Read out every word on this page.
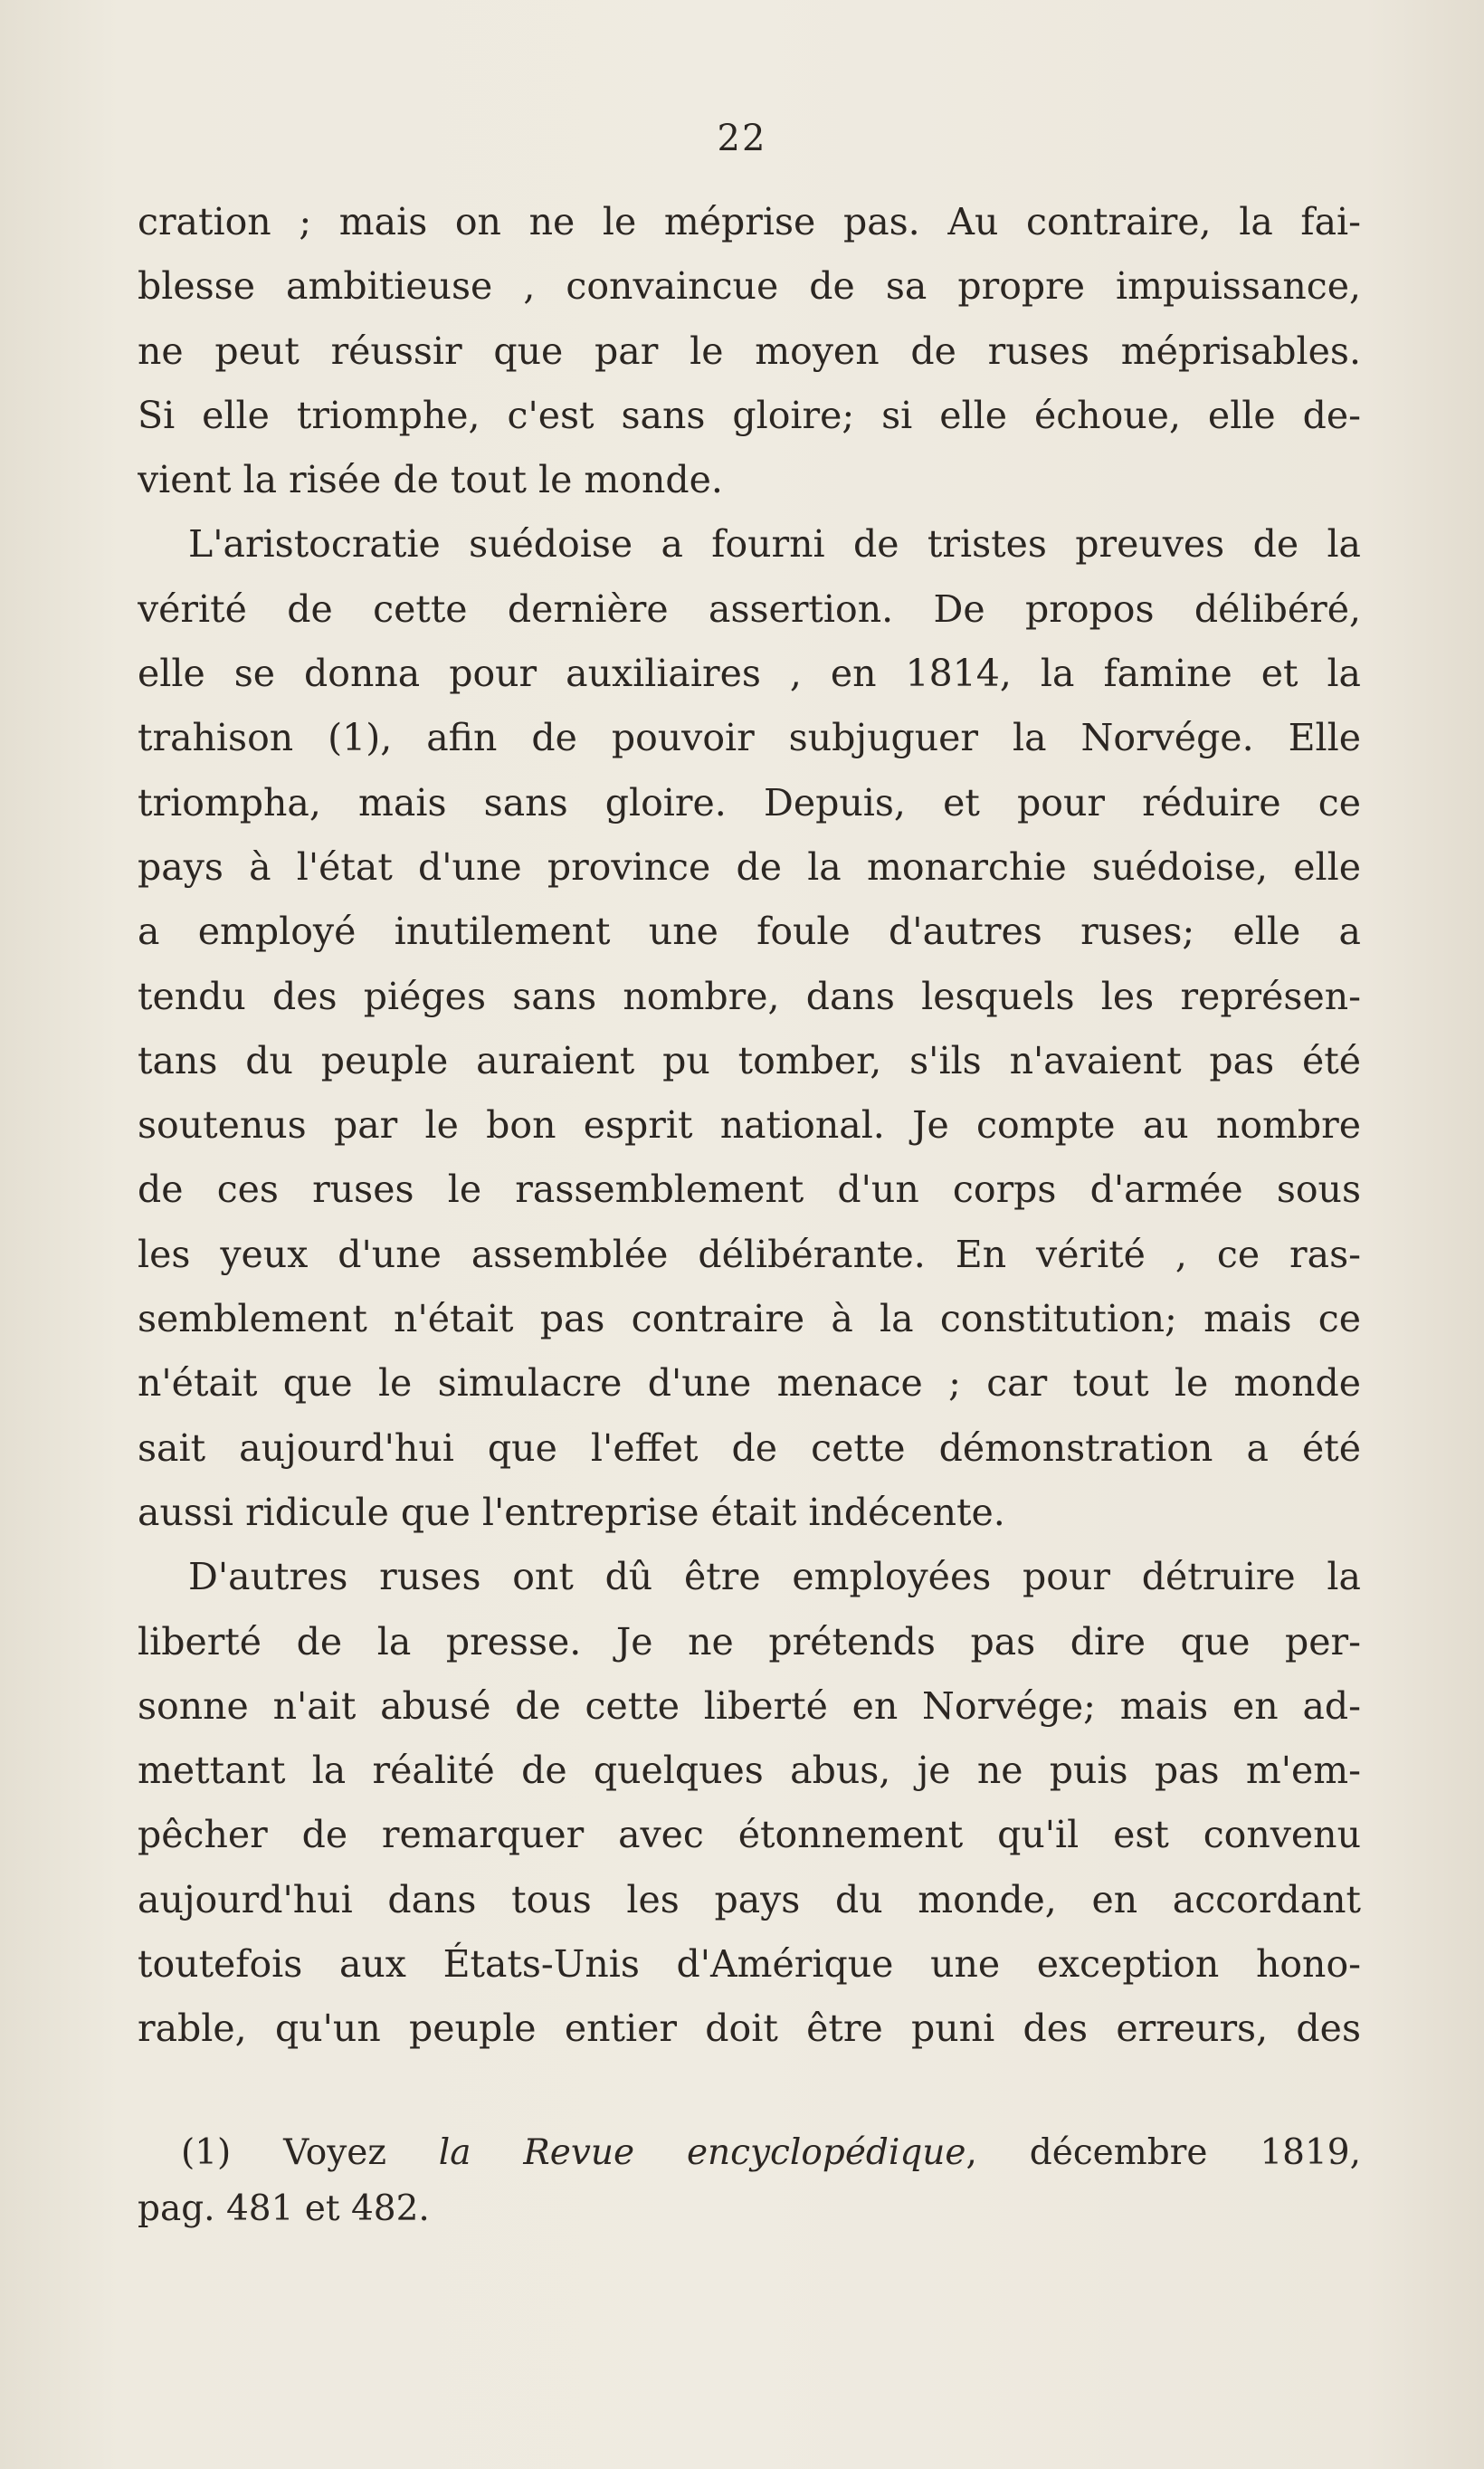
22
cration ; mais on ne le méprise pas. Au contraire, la fai-
blesse ambitieuse , convaincue de sa propre impuissance,
ne peut réussir que par le moyen de ruses méprisables.
Si elle triomphe, c'est sans gloire; si elle échoue, elle de-
vient la risée de tout le monde.
L'aristocratie suédoise a fourni de tristes preuves de la
vérité de cette dernière assertion. De propos délibéré,
elle se donna pour auxiliaires , en 1814, la famine et la
trahison (1), afin de pouvoir subjuguer la Norvége. Elle
triompha, mais sans gloire. Depuis, et pour réduire ce
pays à l'état d'une province de la monarchie suédoise, elle
a employé inutilement une foule d'autres ruses; elle a
tendu des piéges sans nombre, dans lesquels les représen-
tans du peuple auraient pu tomber, s'ils n'avaient pas été
soutenus par le bon esprit national. Je compte au nombre
de ces ruses le rassemblement d'un corps d'armée sous
les yeux d'une assemblée délibérante. En vérité , ce ras-
semblement n'était pas contraire à la constitution; mais ce
n'était que le simulacre d'une menace ; car tout le monde
sait aujourd'hui que l'effet de cette démonstration a été
aussi ridicule que l'entreprise était indécente.
D'autres ruses ont dû être employées pour détruire la
liberté de la presse. Je ne prétends pas dire que per-
sonne n'ait abusé de cette liberté en Norvége; mais en ad-
mettant la réalité de quelques abus, je ne puis pas m'em-
pêcher de remarquer avec étonnement qu'il est convenu
aujourd'hui dans tous les pays du monde, en accordant
toutefois aux États-Unis d'Amérique une exception hono-
rable, qu'un peuple entier doit être puni des erreurs, des
(1) Voyez la Revue encyclopédique, décembre 1819,
pag. 481 et 482.
